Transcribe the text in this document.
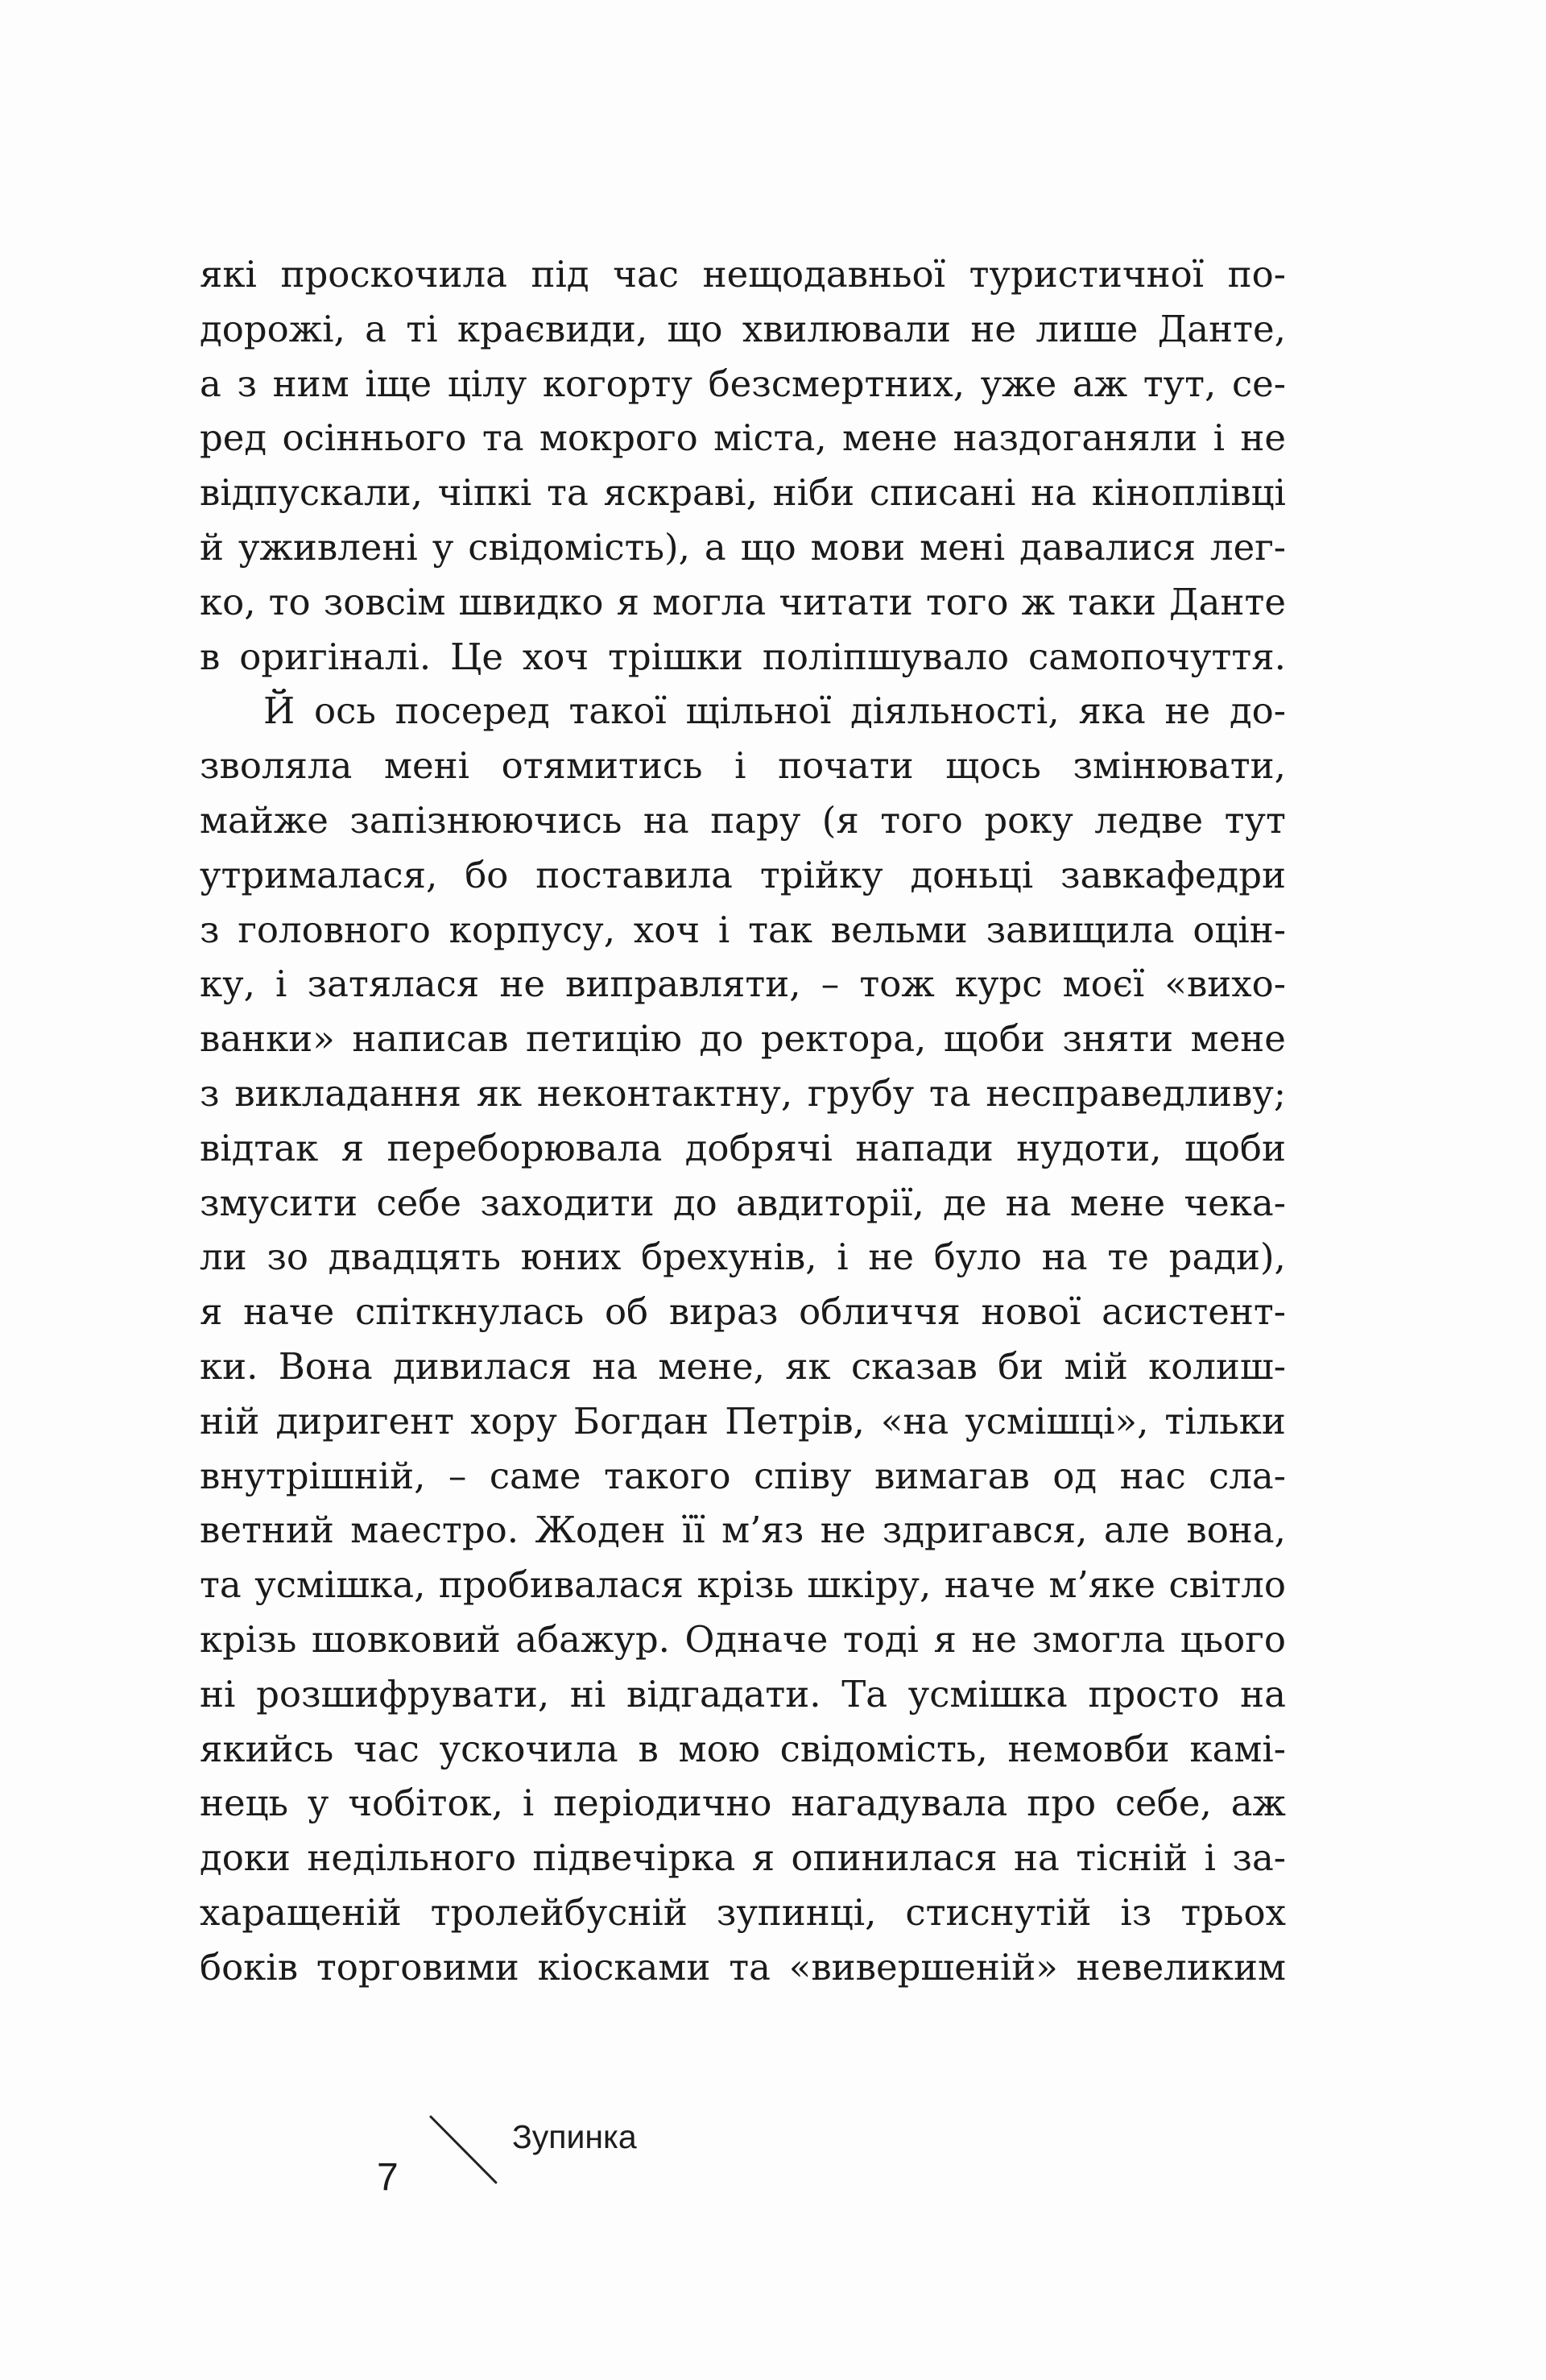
які проскочила під час нещодавньої туристичної по-
дорожі, а ті краєвиди, що хвилювали не лише Данте,
а з ним іще цілу когорту безсмертних, уже аж тут, се-
ред осіннього та мокрого міста, мене наздоганяли і не
відпускали, чіпкі та яскраві, ніби списані на кіноплівці
й уживлені у свідомість), а що мови мені давалися лег-
ко, то зовсім швидко я могла читати того ж таки Данте
в оригіналі. Це хоч трішки поліпшувало самопочуття.
Й ось посеред такої щільної діяльності, яка не до-
зволяла мені отямитись і почати щось змінювати,
майже запізнюючись на пару (я того року ледве тут
утрималася, бо поставила трійку доньці завкафедри
з головного корпусу, хоч і так вельми завищила оцін-
ку, і затялася не виправляти, – тож курс моєї «вихо-
ванки» написав петицію до ректора, щоби зняти мене
з викладання як неконтактну, грубу та несправедливу;
відтак я переборювала добрячі напади нудоти, щоби
змусити себе заходити до авдиторії, де на мене чека-
ли зо двадцять юних брехунів, і не було на те ради),
я наче спіткнулась об вираз обличчя нової асистент-
ки. Вона дивилася на мене, як сказав би мій колиш-
ній диригент хору Богдан Петрів, «на усмішці», тільки
внутрішній, – саме такого співу вимагав од нас сла-
ветний маестро. Жоден її м’яз не здригався, але вона,
та усмішка, пробивалася крізь шкіру, наче м’яке світло
крізь шовковий абажур. Одначе тоді я не змогла цього
ні розшифрувати, ні відгадати. Та усмішка просто на
якийсь час ускочила в мою свідомість, немовби камі-
нець у чобіток, і періодично нагадувала про себе, аж
доки недільного підвечірка я опинилася на тісній і за-
харащеній тролейбусній зупинці, стиснутій із трьох
боків торговими кіосками та «вивершеній» невеликим
7
Зупинка
